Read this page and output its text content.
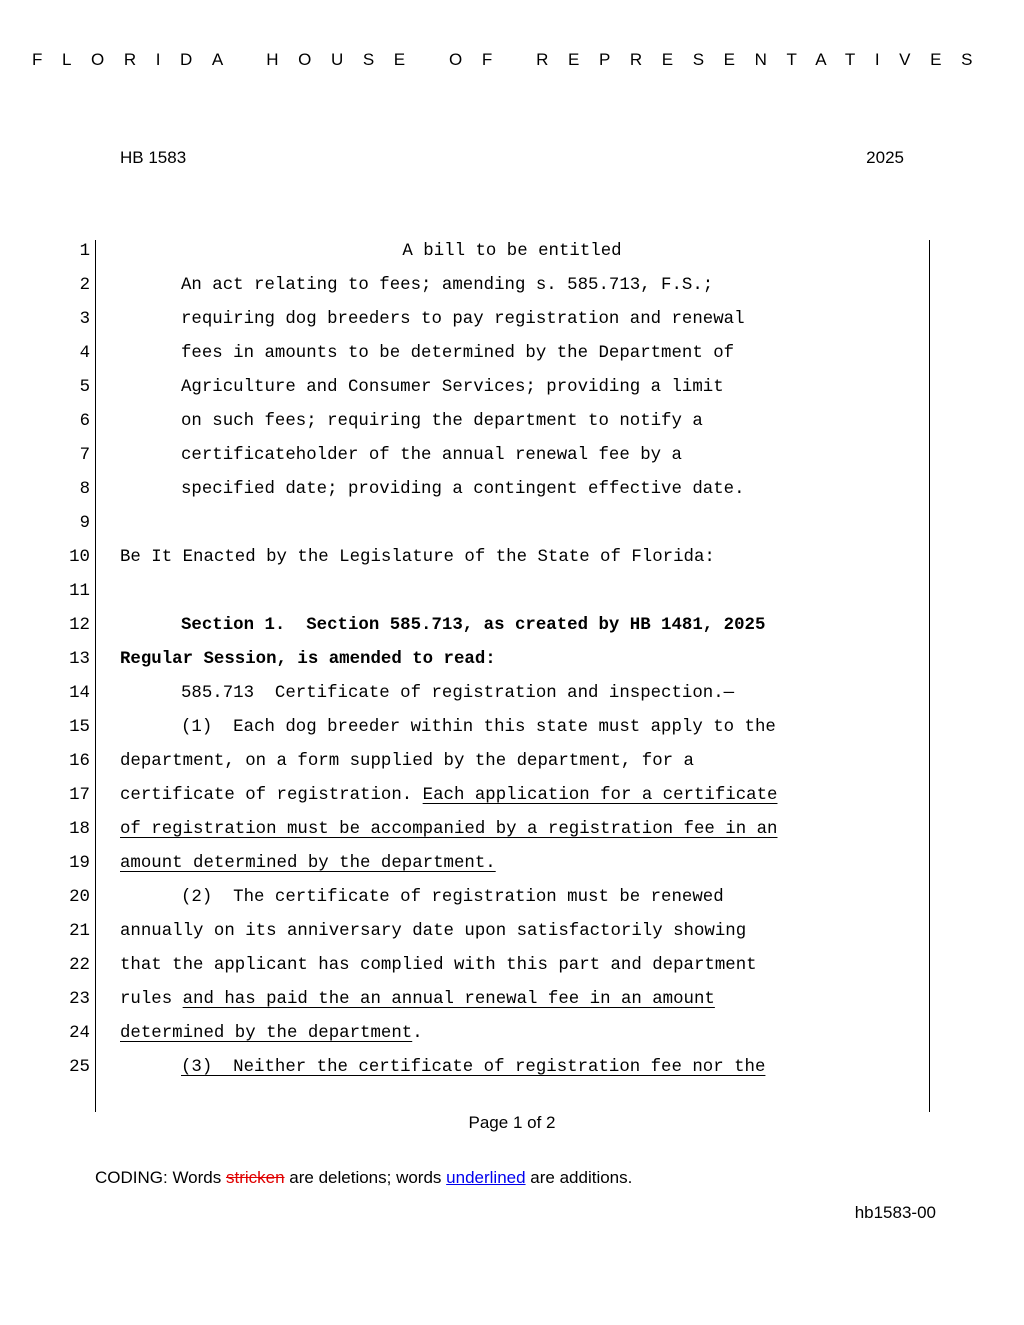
FLORIDA HOUSE OF REPRESENTATIVES
HB 1583	2025
1	A bill to be entitled
2	An act relating to fees; amending s. 585.713, F.S.;
3	requiring dog breeders to pay registration and renewal
4	fees in amounts to be determined by the Department of
5	Agriculture and Consumer Services; providing a limit
6	on such fees; requiring the department to notify a
7	certificateholder of the annual renewal fee by a
8	specified date; providing a contingent effective date.
9
10 Be It Enacted by the Legislature of the State of Florida:
11
12	Section 1.  Section 585.713, as created by HB 1481, 2025
13 Regular Session, is amended to read:
14	585.713  Certificate of registration and inspection.—
15	(1)  Each dog breeder within this state must apply to the
16 department, on a form supplied by the department, for a
17 certificate of registration. Each application for a certificate
18 of registration must be accompanied by a registration fee in an
19 amount determined by the department.
20	(2)  The certificate of registration must be renewed
21 annually on its anniversary date upon satisfactorily showing
22 that the applicant has complied with this part and department
23 rules and has paid the an annual renewal fee in an amount
24 determined by the department.
25	(3)  Neither the certificate of registration fee nor the
Page 1 of 2
CODING: Words stricken are deletions; words underlined are additions.
hb1583-00
